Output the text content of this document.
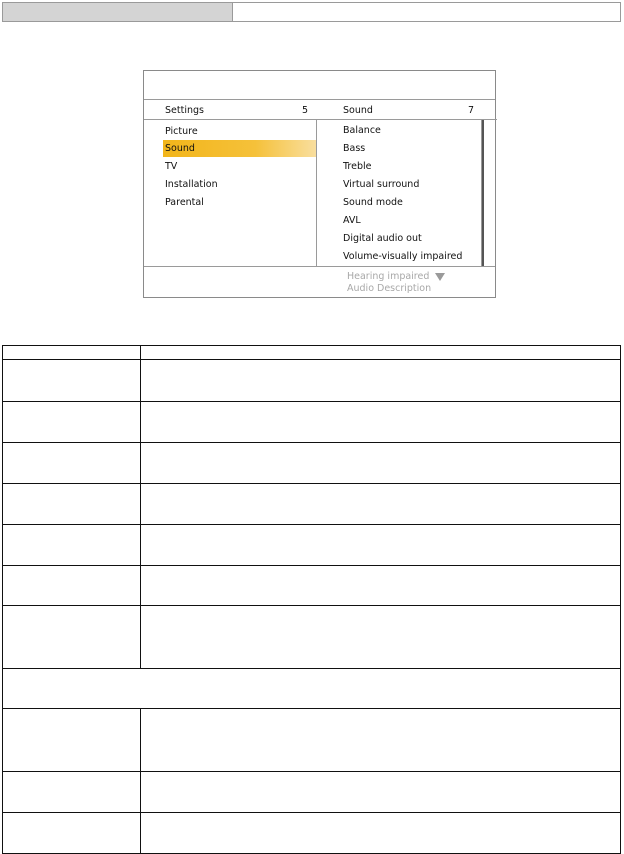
Settings	5	Sound	7
Picture
Sound
TV
Installation
Parental
Balance
Bass
Treble
Virtual surround
Sound mode
AVL
Digital audio out
Volume-visually impaired
Hearing impaired
Audio Description
